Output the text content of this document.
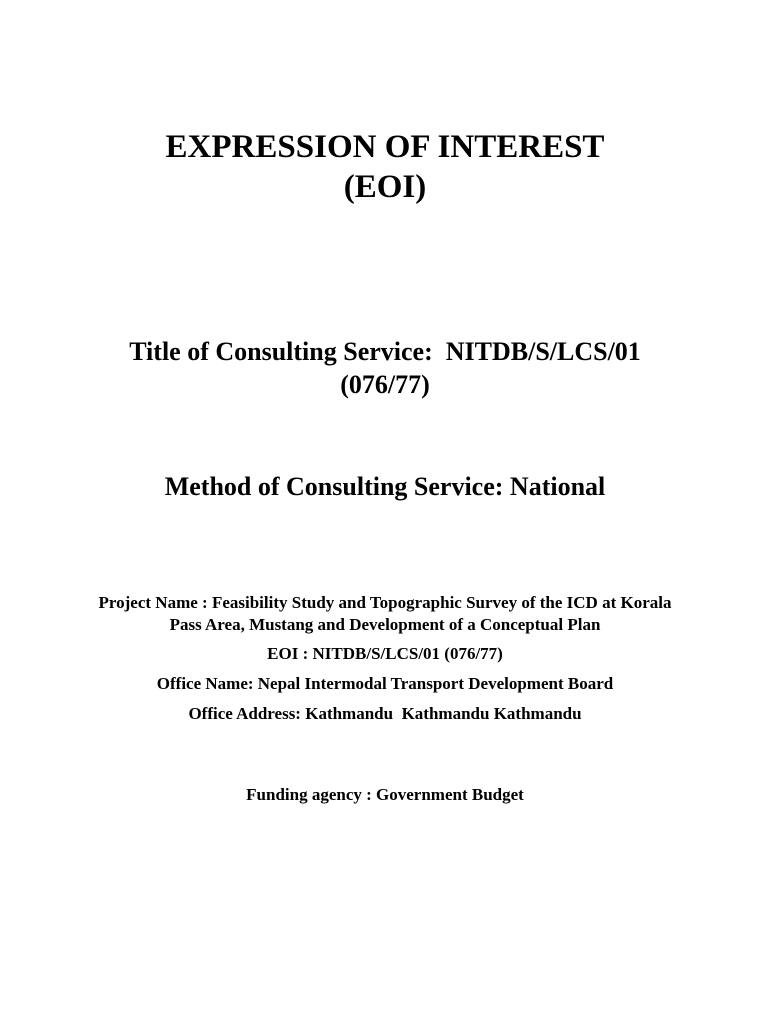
EXPRESSION OF INTEREST
(EOI)
Title of Consulting Service:  NITDB/S/LCS/01
(076/77)
Method of Consulting Service: National

Project Name : Feasibility Study and Topographic Survey of the ICD at Korala

Pass Area, Mustang and Development of a Conceptual Plan

EOI : NITDB/S/LCS/01 (076/77)

Office Name: Nepal Intermodal Transport Development Board

Office Address: Kathmandu  Kathmandu Kathmandu

Funding agency : Government Budget
